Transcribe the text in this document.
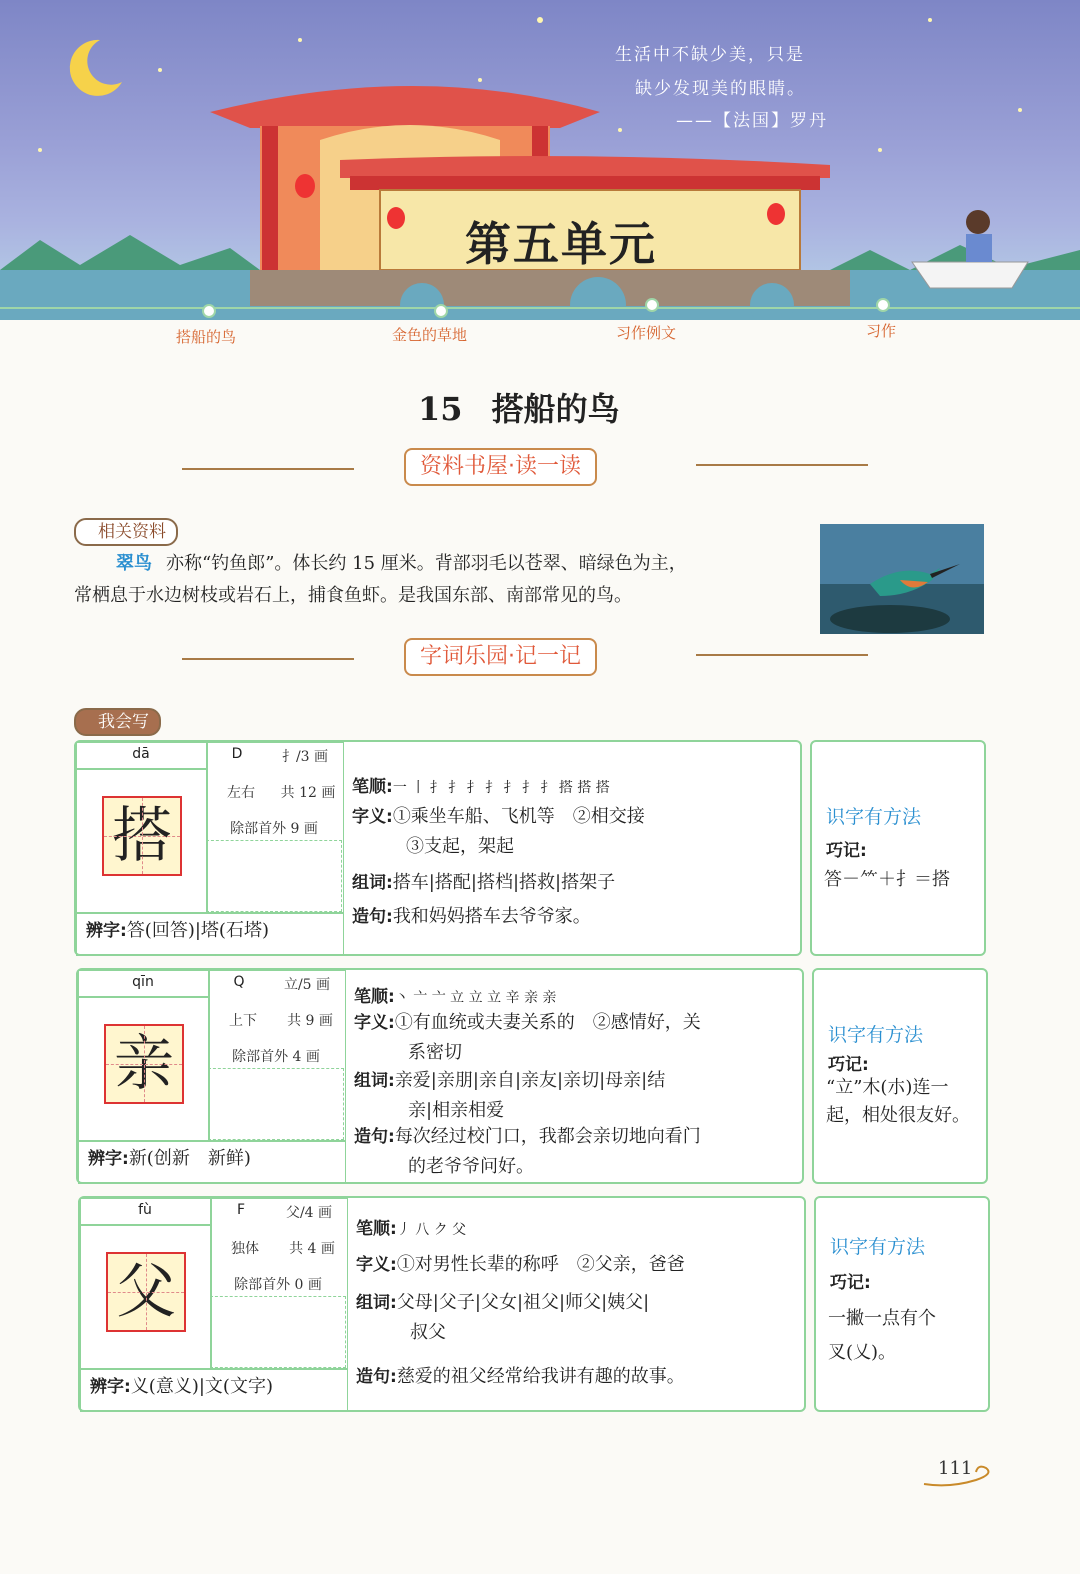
生活中不缺少美，只是
缺少发现美的眼睛。
——【法国】罗丹
第五单元
搭船的鸟	金色的草地	习作例文	习作
15 搭船的鸟
资料书屋·读一读
相关资料
翠鸟 亦称“钓鱼郎”。体长约 15 厘米。背部羽毛以苍翠、暗绿色为主，
常栖息于水边树枝或岩石上，捕食鱼虾。是我国东部、南部常见的鸟。
字词乐园·记一记
我会写
dā
搭
D	扌/3 画
左右	共 12 画
除部首外 9 画
辨字:答(回答)|塔(石塔)
笔顺:一 丨 扌 扌 扌 扌 扌 扌 扌 搭 搭 搭
字义:①乘坐车船、飞机等　②相交接
③支起，架起
组词:搭车|搭配|搭档|搭救|搭架子
造句:我和妈妈搭车去爷爷家。
识字有方法
巧记:
答－⺮＋扌＝搭
qīn
亲
Q	立/5 画
上下	共 9 画
除部首外 4 画
辨字:新(创新　新鲜)
笔顺:丶 亠 亠 立 立 立 辛 亲 亲
字义:①有血统或夫妻关系的　②感情好，关
系密切
组词:亲爱|亲朋|亲自|亲友|亲切|母亲|结
亲|相亲相爱
造句:每次经过校门口，我都会亲切地向看门
的老爷爷问好。
识字有方法
巧记:
“立”木(朩)连一
起，相处很友好。
fù
父
F	父/4 画
独体	共 4 画
除部首外 0 画
辨字:义(意义)|文(文字)
笔顺:丿 八 ク 父
字义:①对男性长辈的称呼　②父亲，爸爸
组词:父母|父子|父女|祖父|师父|姨父|
叔父
造句:慈爱的祖父经常给我讲有趣的故事。
识字有方法
巧记:
一撇一点有个
叉(乂)。
111
